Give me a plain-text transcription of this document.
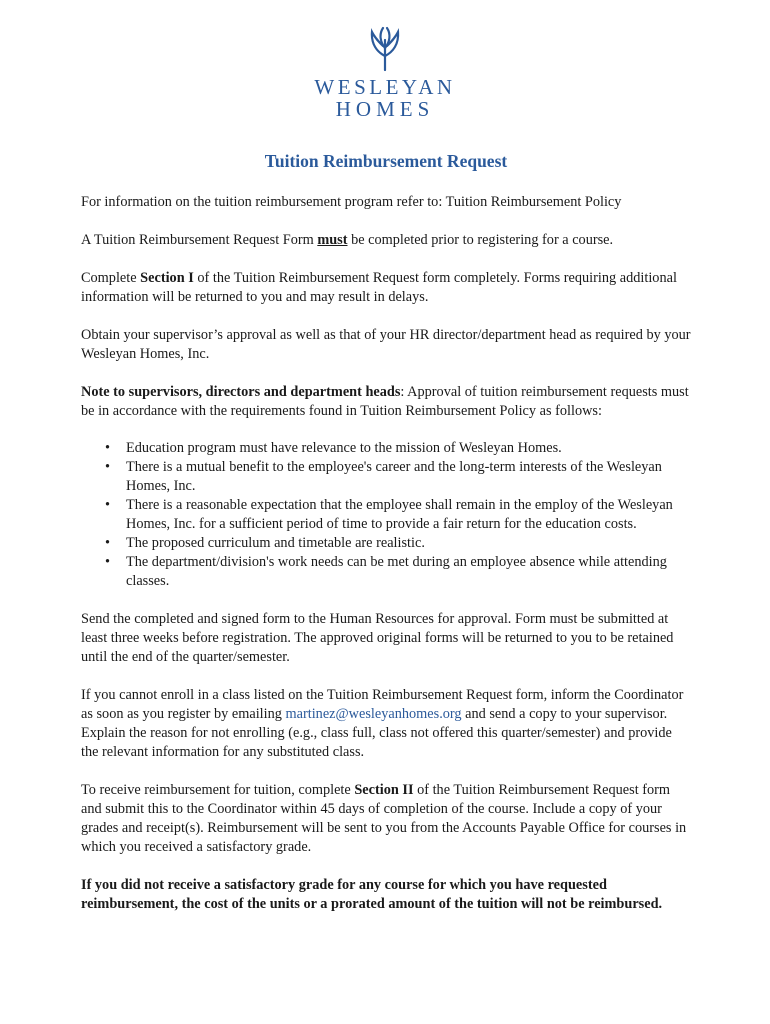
WESLEYAN
HOMES
Tuition Reimbursement Request

For information on the tuition reimbursement program refer to: Tuition Reimbursement Policy

A Tuition Reimbursement Request Form must be completed prior to registering for a course.

Complete Section I of the Tuition Reimbursement Request form completely. Forms requiring additional information will be returned to you and may result in delays.

Obtain your supervisor’s approval as well as that of your HR director/department head as required by your Wesleyan Homes, Inc.

Note to supervisors, directors and department heads: Approval of tuition reimbursement requests must be in accordance with the requirements found in Tuition Reimbursement Policy as follows:

• Education program must have relevance to the mission of Wesleyan Homes.
• There is a mutual benefit to the employee's career and the long-term interests of the Wesleyan Homes, Inc.
• There is a reasonable expectation that the employee shall remain in the employ of the Wesleyan Homes, Inc. for a sufficient period of time to provide a fair return for the education costs.
• The proposed curriculum and timetable are realistic.
• The department/division's work needs can be met during an employee absence while attending classes.

Send the completed and signed form to the Human Resources for approval. Form must be submitted at least three weeks before registration. The approved original forms will be returned to you to be retained until the end of the quarter/semester.

If you cannot enroll in a class listed on the Tuition Reimbursement Request form, inform the Coordinator as soon as you register by emailing martinez@wesleyanhomes.org and send a copy to your supervisor. Explain the reason for not enrolling (e.g., class full, class not offered this quarter/semester) and provide the relevant information for any substituted class.

To receive reimbursement for tuition, complete Section II of the Tuition Reimbursement Request form and submit this to the Coordinator within 45 days of completion of the course. Include a copy of your grades and receipt(s). Reimbursement will be sent to you from the Accounts Payable Office for courses in which you received a satisfactory grade.

If you did not receive a satisfactory grade for any course for which you have requested reimbursement, the cost of the units or a prorated amount of the tuition will not be reimbursed.
